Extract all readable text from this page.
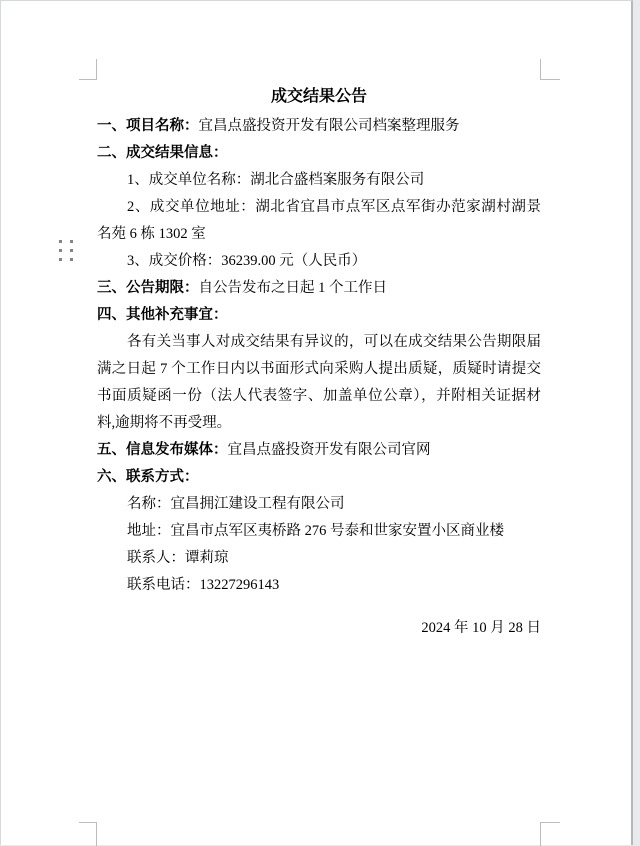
成交结果公告
一、项目名称：宜昌点盛投资开发有限公司档案整理服务
二、成交结果信息：
1、成交单位名称：湖北合盛档案服务有限公司
2、成交单位地址：湖北省宜昌市点军区点军街办范家湖村湖景
名苑 6 栋 1302 室
3、成交价格：36239.00 元（人民币）
三、公告期限：自公告发布之日起 1 个工作日
四、其他补充事宜：
各有关当事人对成交结果有异议的，可以在成交结果公告期限届
满之日起 7 个工作日内以书面形式向采购人提出质疑，质疑时请提交
书面质疑函一份（法人代表签字、加盖单位公章），并附相关证据材
料,逾期将不再受理。
五、信息发布媒体：宜昌点盛投资开发有限公司官网
六、联系方式：
名称：宜昌拥江建设工程有限公司
地址：宜昌市点军区夷桥路 276 号泰和世家安置小区商业楼
联系人：谭莉琼
联系电话：13227296143
2024 年 10 月 28 日
